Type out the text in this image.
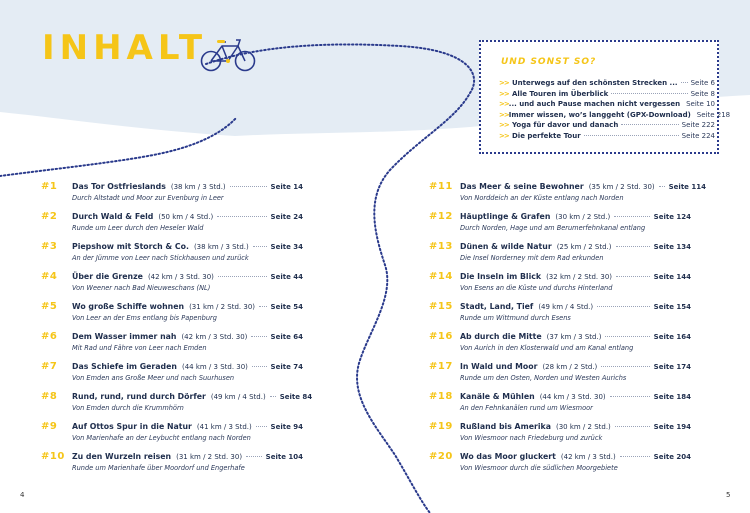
INHALT	UND SONST SO?
>> Unterwegs auf den schönsten Strecken ... Seite 6
>> Alle Touren im Überblick	Seite 8
>> ... und auch Pause machen nicht vergessen Seite 10
>> Immer wissen, wo’s langgeht (GPX-Download) Seite 218
>> Yoga für davor und danach	Seite 222
>> Die perfekte Tour	Seite 224
#1 Das Tor Ostfrieslands (38 km / 3 Std.)	Seite 14
Durch Altstadt und Moor zur Evenburg in Leer
#2 Durch Wald & Feld (50 km / 4 Std.)	Seite 24
Runde um Leer durch den Heseler Wald
#3 Piepshow mit Storch & Co. (38 km / 3 Std.)	Seite 34
An der Jümme von Leer nach Stickhausen und zurück
#4 Über die Grenze (42 km / 3 Std. 30)	Seite 44
Von Weener nach Bad Nieuweschans (NL)
#5 Wo große Schiffe wohnen (31 km / 2 Std. 30) Seite 54
Von Leer an der Ems entlang bis Papenburg
#6 Dem Wasser immer nah (42 km / 3 Std. 30)	Seite 64
Mit Rad und Fähre von Leer nach Emden
#7 Das Schiefe im Geraden (44 km / 3 Std. 30)	Seite 74
Von Emden ans Große Meer und nach Suurhusen
#8 Rund, rund, rund durch Dörfer (49 km / 4 Std.) Seite 84
Von Emden durch die Krummhörn
#9 Auf Ottos Spur in die Natur (41 km / 3 Std.)	Seite 94
Von Marienhafe an der Leybucht entlang nach Norden
#10 Zu den Wurzeln reisen (31 km / 2 Std. 30)	Seite 104
Runde um Marienhafe über Moordorf und Engerhafe
#11 Das Meer & seine Bewohner (35 km / 2 Std. 30) Seite 114
Von Norddeich an der Küste entlang nach Norden
#12 Häuptlinge & Grafen (30 km / 2 Std.)	Seite 124
Durch Norden, Hage und am Berumerfehnkanal entlang
#13 Dünen & wilde Natur (25 km / 2 Std.)	Seite 134
Die Insel Norderney mit dem Rad erkunden
#14 Die Inseln im Blick (32 km / 2 Std. 30)	Seite 144
Von Esens an die Küste und durchs Hinterland
#15 Stadt, Land, Tief (49 km / 4 Std.)	Seite 154
Runde um Wittmund durch Esens
#16 Ab durch die Mitte (37 km / 3 Std.)	Seite 164
Von Aurich in den Klosterwald und am Kanal entlang
#17 In Wald und Moor (28 km / 2 Std.)	Seite 174
Runde um den Osten, Norden und Westen Aurichs
#18 Kanäle & Mühlen (44 km / 3 Std. 30)	Seite 184
An den Fehnkanälen rund um Wiesmoor
#19 Rußland bis Amerika (30 km / 2 Std.)	Seite 194
Von Wiesmoor nach Friedeburg und zurück
#20 Wo das Moor gluckert (42 km / 3 Std.)	Seite 204
Von Wiesmoor durch die südlichen Moorgebiete
4	5
